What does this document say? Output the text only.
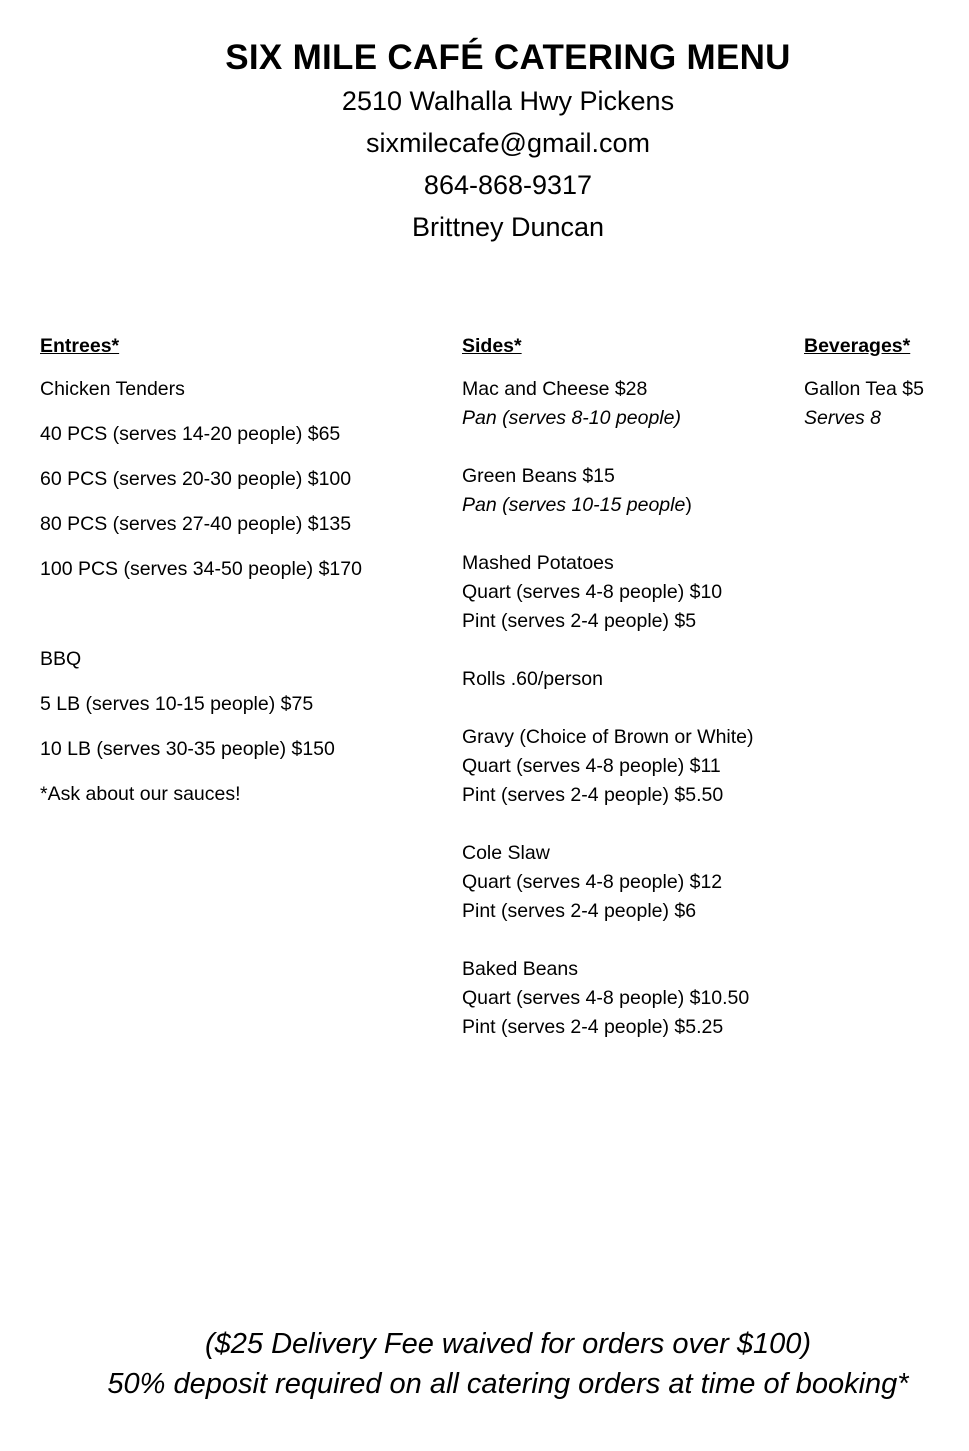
SIX MILE CAFÉ CATERING MENU

2510 Walhalla Hwy Pickens

sixmilecafe@gmail.com

864-868-9317

Brittney Duncan

Entrees*

Chicken Tenders

40 PCS (serves 14-20 people) $65

60 PCS (serves 20-30 people) $100

80 PCS (serves 27-40 people) $135

100 PCS (serves 34-50 people) $170

BBQ

5 LB (serves 10-15 people) $75

10 LB (serves 30-35 people) $150

*Ask about our sauces!

Sides*

Mac and Cheese $28

Pan (serves 8-10 people)

Green Beans $15

Pan (serves 10-15 people)

Mashed Potatoes

Quart (serves 4-8 people) $10

Pint (serves 2-4 people) $5

Rolls .60/person

Gravy (Choice of Brown or White)

Quart (serves 4-8 people) $11

Pint (serves 2-4 people) $5.50

Cole Slaw

Quart (serves 4-8 people) $12

Pint (serves 2-4 people) $6

Baked Beans

Quart (serves 4-8 people) $10.50

Pint (serves 2-4 people) $5.25

Beverages*

Gallon Tea $5

Serves 8

($25 Delivery Fee waived for orders over $100)

50% deposit required on all catering orders at time of booking*
